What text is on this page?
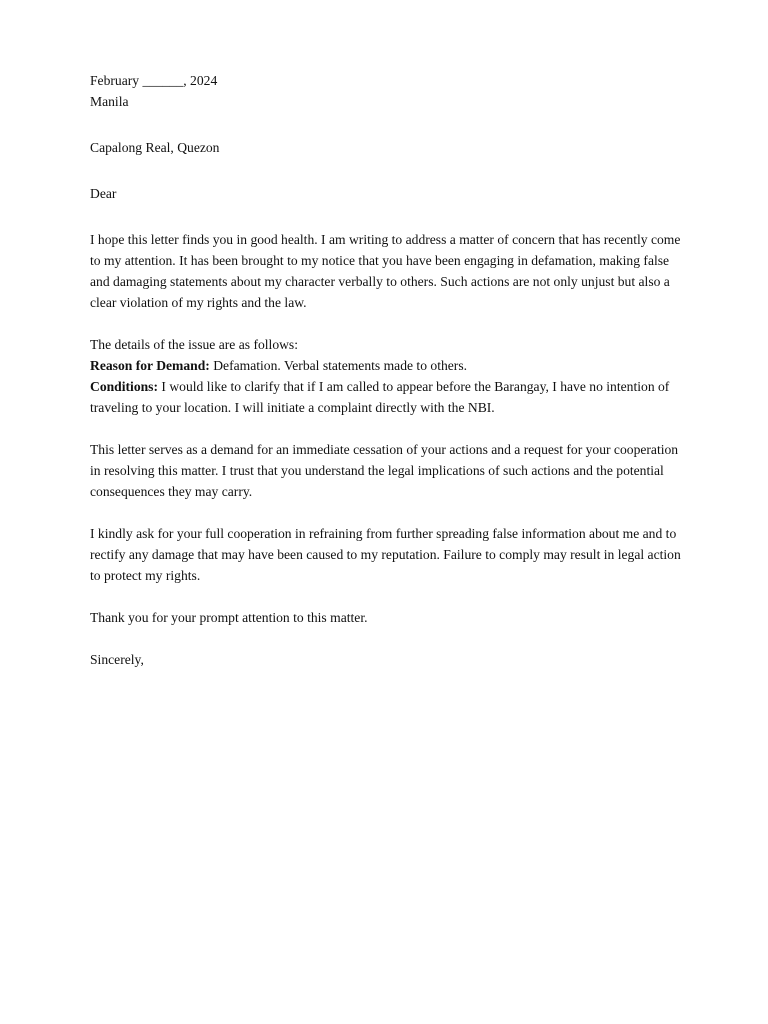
February ______, 2024

Manila

Capalong Real, Quezon

Dear

I hope this letter finds you in good health. I am writing to address a matter of concern that has recently come to my attention. It has been brought to my notice that you have been engaging in defamation, making false and damaging statements about my character verbally to others. Such actions are not only unjust but also a clear violation of my rights and the law.

The details of the issue are as follows:

Reason for Demand: Defamation. Verbal statements made to others.

Conditions: I would like to clarify that if I am called to appear before the Barangay, I have no intention of traveling to your location. I will initiate a complaint directly with the NBI.

This letter serves as a demand for an immediate cessation of your actions and a request for your cooperation in resolving this matter. I trust that you understand the legal implications of such actions and the potential consequences they may carry.

I kindly ask for your full cooperation in refraining from further spreading false information about me and to rectify any damage that may have been caused to my reputation. Failure to comply may result in legal action to protect my rights.

Thank you for your prompt attention to this matter.

Sincerely,
